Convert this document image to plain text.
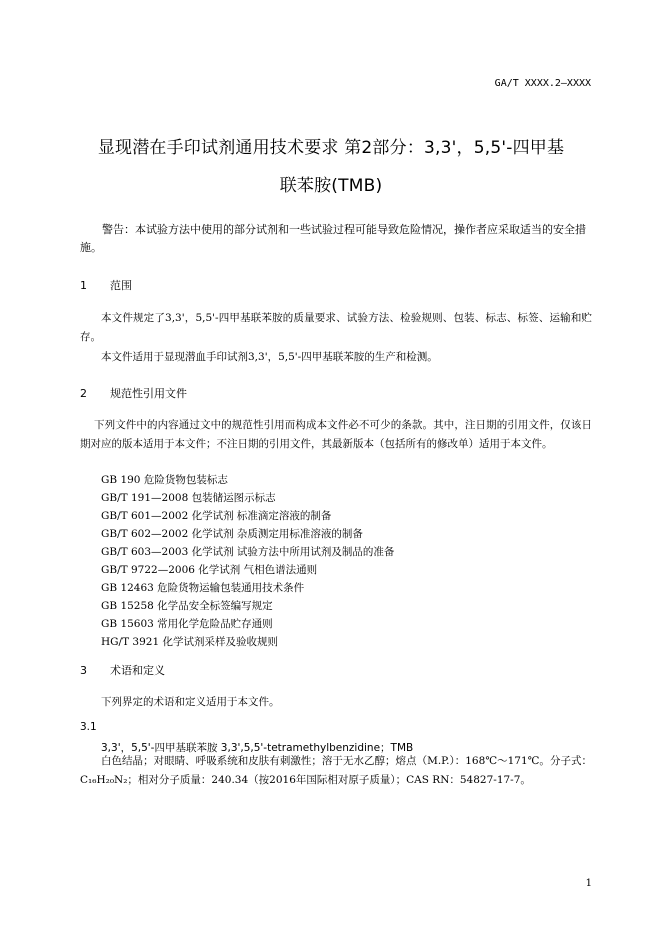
GA/T XXXX.2—XXXX
显现潜在手印试剂通用技术要求 第2部分：3,3'，5,5'-四甲基
联苯胺(TMB)
警告：本试验方法中使用的部分试剂和一些试验过程可能导致危险情况，操作者应采取适当的安全措施。
1 范围
本文件规定了3,3'，5,5'-四甲基联苯胺的质量要求、试验方法、检验规则、包装、标志、标签、运输和贮存。
本文件适用于显现潜血手印试剂3,3'，5,5'-四甲基联苯胺的生产和检测。
2 规范性引用文件
下列文件中的内容通过文中的规范性引用而构成本文件必不可少的条款。其中，注日期的引用文件，仅该日期对应的版本适用于本文件；不注日期的引用文件，其最新版本（包括所有的修改单）适用于本文件。
GB 190 危险货物包装标志
GB/T 191—2008 包装储运图示标志
GB/T 601—2002 化学试剂 标准滴定溶液的制备
GB/T 602—2002 化学试剂 杂质测定用标准溶液的制备
GB/T 603—2003 化学试剂 试验方法中所用试剂及制品的准备
GB/T 9722—2006 化学试剂 气相色谱法通则
GB 12463 危险货物运输包装通用技术条件
GB 15258 化学品安全标签编写规定
GB 15603 常用化学危险品贮存通则
HG/T 3921 化学试剂采样及验收规则
3 术语和定义
下列界定的术语和定义适用于本文件。
3.1
3,3'，5,5'-四甲基联苯胺 3,3',5,5'-tetramethylbenzidine；TMB
白色结晶；对眼睛、呼吸系统和皮肤有刺激性；溶于无水乙醇；熔点（M.P.）：168℃～171℃。分子式：C₁₆H₂₀N₂；相对分子质量：240.34（按2016年国际相对原子质量）；CAS RN：54827-17-7。
1
